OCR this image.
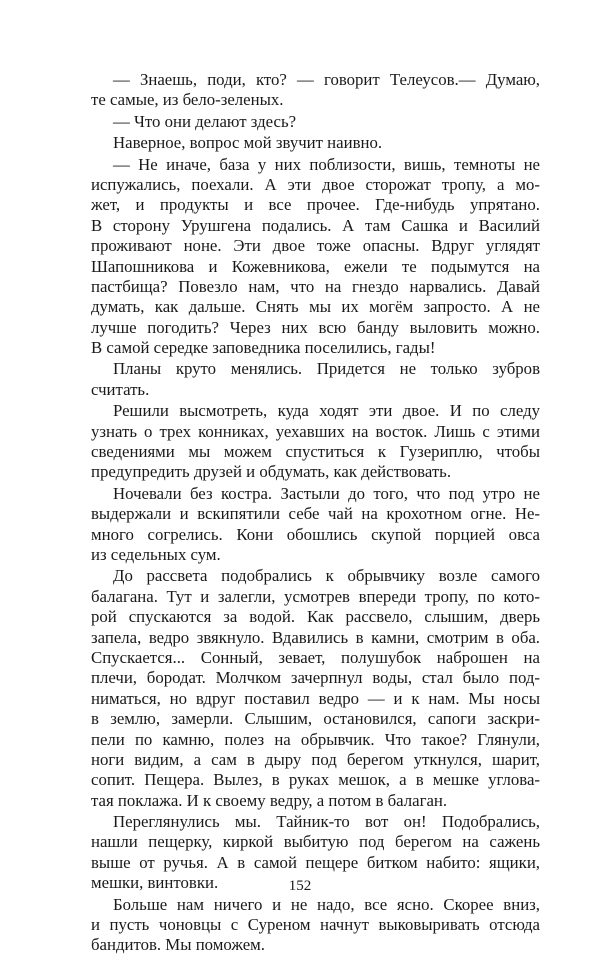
— Знаешь, поди, кто? — говорит Телеусов.— Думаю,
те самые, из бело-зеленых.

— Что они делают здесь?

Наверное, вопрос мой звучит наивно.

— Не иначе, база у них поблизости, вишь, темноты не
испужались, поехали. А эти двое сторожат тропу, а мо-
жет, и продукты и все прочее. Где-нибудь упрятано.
В сторону Урушгена подались. А там Сашка и Василий
проживают ноне. Эти двое тоже опасны. Вдруг углядят
Шапошникова и Кожевникова, ежели те подымутся на
пастбища? Повезло нам, что на гнездо нарвались. Давай
думать, как дальше. Снять мы их могём запросто. А не
лучше погодить? Через них всю банду выловить можно.
В самой середке заповедника поселились, гады!

Планы круто менялись. Придется не только зубров
считать.

Решили высмотреть, куда ходят эти двое. И по следу
узнать о трех конниках, уехавших на восток. Лишь с этими
сведениями мы можем спуститься к Гузериплю, чтобы
предупредить друзей и обдумать, как действовать.

Ночевали без костра. Застыли до того, что под утро не
выдержали и вскипятили себе чай на крохотном огне. Не-
много согрелись. Кони обошлись скупой порцией овса
из седельных сум.

До рассвета подобрались к обрывчику возле самого
балагана. Тут и залегли, усмотрев впереди тропу, по кото-
рой спускаются за водой. Как рассвело, слышим, дверь
запела, ведро звякнуло. Вдавились в камни, смотрим в оба.
Спускается... Сонный, зевает, полушубок наброшен на
плечи, бородат. Молчком зачерпнул воды, стал было под-
ниматься, но вдруг поставил ведро — и к нам. Мы носы
в землю, замерли. Слышим, остановился, сапоги заскри-
пели по камню, полез на обрывчик. Что такое? Глянули,
ноги видим, а сам в дыру под берегом уткнулся, шарит,
сопит. Пещера. Вылез, в руках мешок, а в мешке углова-
тая поклажа. И к своему ведру, а потом в балаган.

Переглянулись мы. Тайник-то вот он! Подобрались,
нашли пещерку, киркой выбитую под берегом на сажень
выше от ручья. А в самой пещере битком набито: ящики,
мешки, винтовки.

Больше нам ничего и не надо, все ясно. Скорее вниз,
и пусть чоновцы с Суреном начнут выковыривать отсюда
бандитов. Мы поможем.

152
